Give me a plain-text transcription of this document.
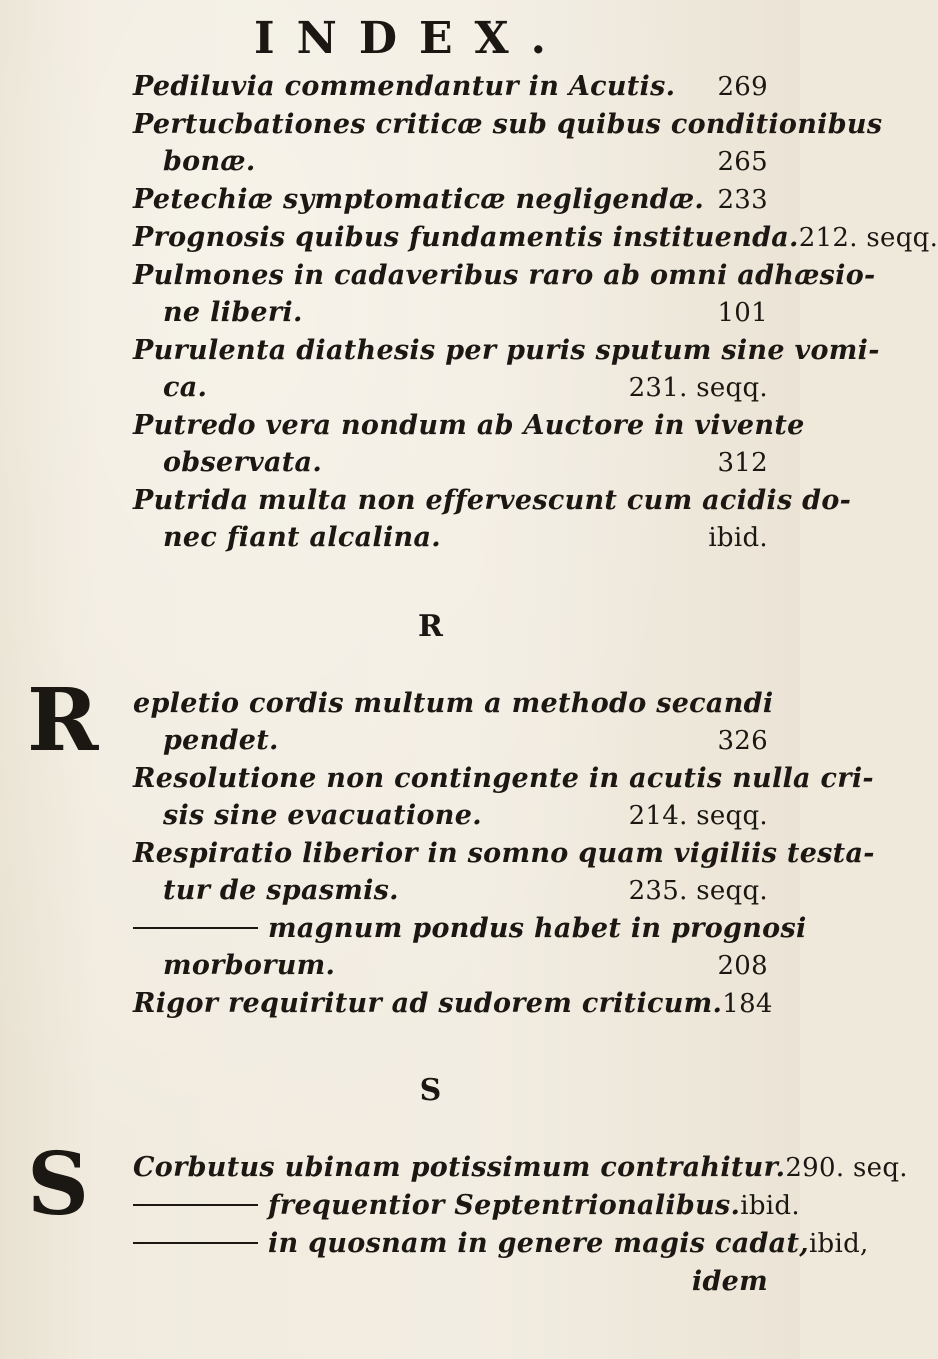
INDEX.
Pediluvia commendantur in Acutis. 269
Pertucbationes criticæ sub quibus conditionibus
bonæ.	265
Petechiæ symptomaticæ negligendæ. 233
Prognosis quibus fundamentis instituenda. 212. seqq.
Pulmones in cadaveribus raro ab omni adhæsio-
ne liberi.	101
Purulenta diathesis per puris sputum sine vomi-
ca.	231. seqq.
Putredo vera nondum ab Auctore in vivente
observata.	312
Putrida multa non effervescunt cum acidis do-
nec fiant alcalina.	ibid.
R
R epletio cordis multum a methodo secandi
pendet.	326
Resolutione non contingente in acutis nulla cri-
sis sine evacuatione.	214. seqq.
Respiratio liberior in somno quam vigiliis testa-
tur de spasmis.	235. seqq.
magnum pondus habet in prognosi
morborum.	208
Rigor requiritur ad sudorem criticum. 184
S
S Corbutus ubinam potissimum contrahitur. 290. seq.
frequentior Septentrionalibus. ibid.
in quosnam in genere magis cadat, ibid,
idem
